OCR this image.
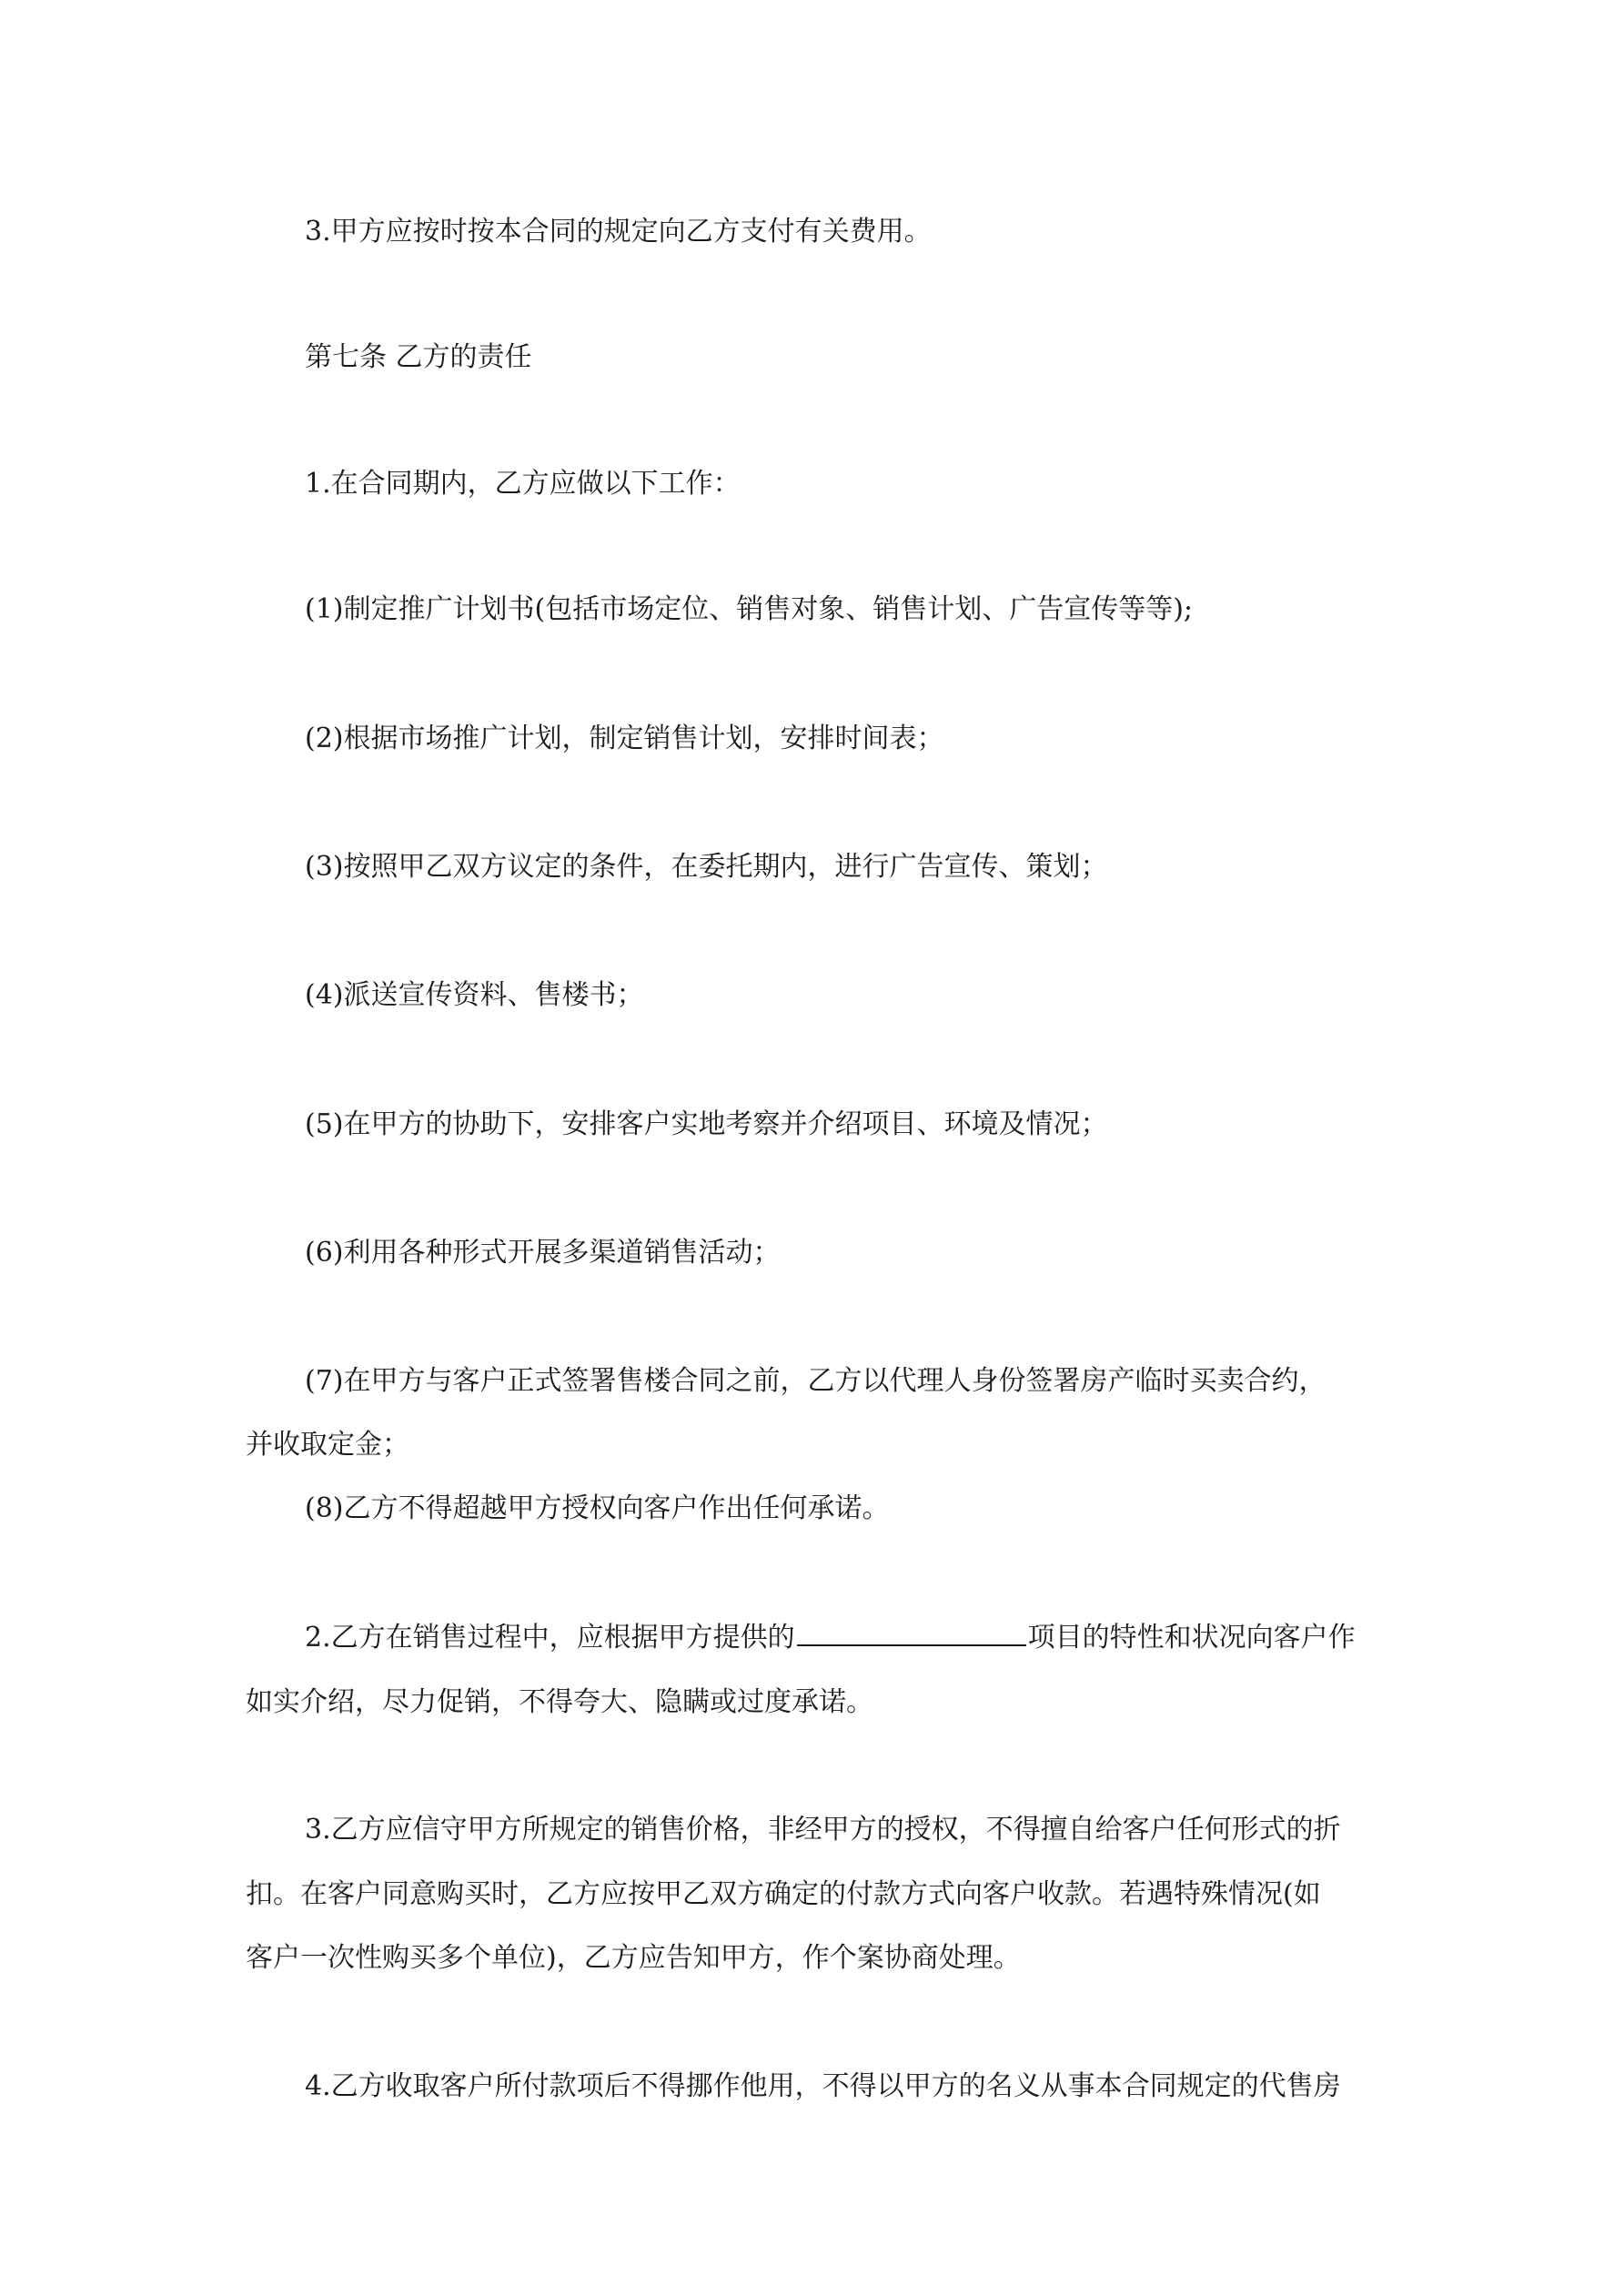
3.甲方应按时按本合同的规定向乙方支付有关费用。

第七条 乙方的责任

1.在合同期内，乙方应做以下工作：

(1)制定推广计划书(包括市场定位、销售对象、销售计划、广告宣传等等);

(2)根据市场推广计划，制定销售计划，安排时间表；

(3)按照甲乙双方议定的条件，在委托期内，进行广告宣传、策划；

(4)派送宣传资料、售楼书；

(5)在甲方的协助下，安排客户实地考察并介绍项目、环境及情况；

(6)利用各种形式开展多渠道销售活动；

(7)在甲方与客户正式签署售楼合同之前，乙方以代理人身份签署房产临时买卖合约，

并收取定金；

(8)乙方不得超越甲方授权向客户作出任何承诺。

2.乙方在销售过程中，应根据甲方提供的	项目的特性和状况向客户作

如实介绍，尽力促销，不得夸大、隐瞒或过度承诺。

3.乙方应信守甲方所规定的销售价格，非经甲方的授权，不得擅自给客户任何形式的折

扣。在客户同意购买时，乙方应按甲乙双方确定的付款方式向客户收款。若遇特殊情况(如

客户一次性购买多个单位)，乙方应告知甲方，作个案协商处理。

4.乙方收取客户所付款项后不得挪作他用，不得以甲方的名义从事本合同规定的代售房
